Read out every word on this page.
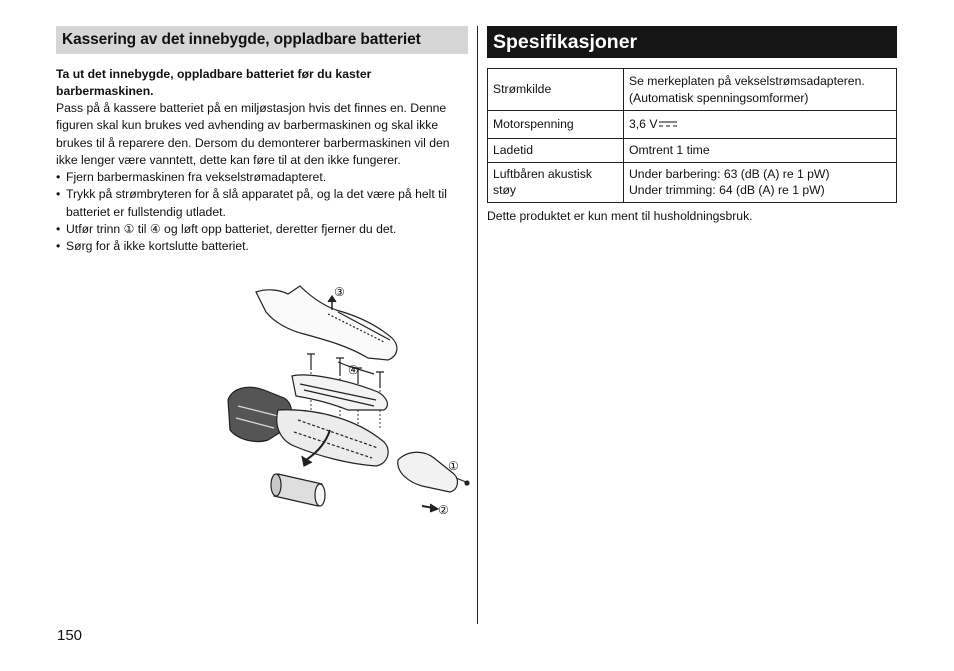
Kassering av det innebygde, oppladbare batteriet
Ta ut det innebygde, oppladbare batteriet før du kaster barbermaskinen.
Pass på å kassere batteriet på en miljøstasjon hvis det finnes en. Denne figuren skal kun brukes ved avhending av barbermaskinen og skal ikke brukes til å reparere den. Dersom du demonterer barbermaskinen vil den ikke lenger være vanntett, dette kan føre til at den ikke fungerer.
• Fjern barbermaskinen fra vekselstrømadapteret.
• Trykk på strømbryteren for å slå apparatet på, og la det være på helt til batteriet er fullstendig utladet.
• Utfør trinn ① til ④ og løft opp batteriet, deretter fjerner du det.
• Sørg for å ikke kortslutte batteriet.
③
④
①
②
Spesifikasjoner
Strømkilde	Se merkeplaten på vekselstrømsadapteren.
(Automatisk spenningsomformer)

Motorspenning	3,6 V
Ladetid	Omtrent 1 time
Luftbåren akustisk støy	Under barbering: 63 (dB (A) re 1 pW)
Under trimming: 64 (dB (A) re 1 pW)
Dette produktet er kun ment til husholdningsbruk.
150
